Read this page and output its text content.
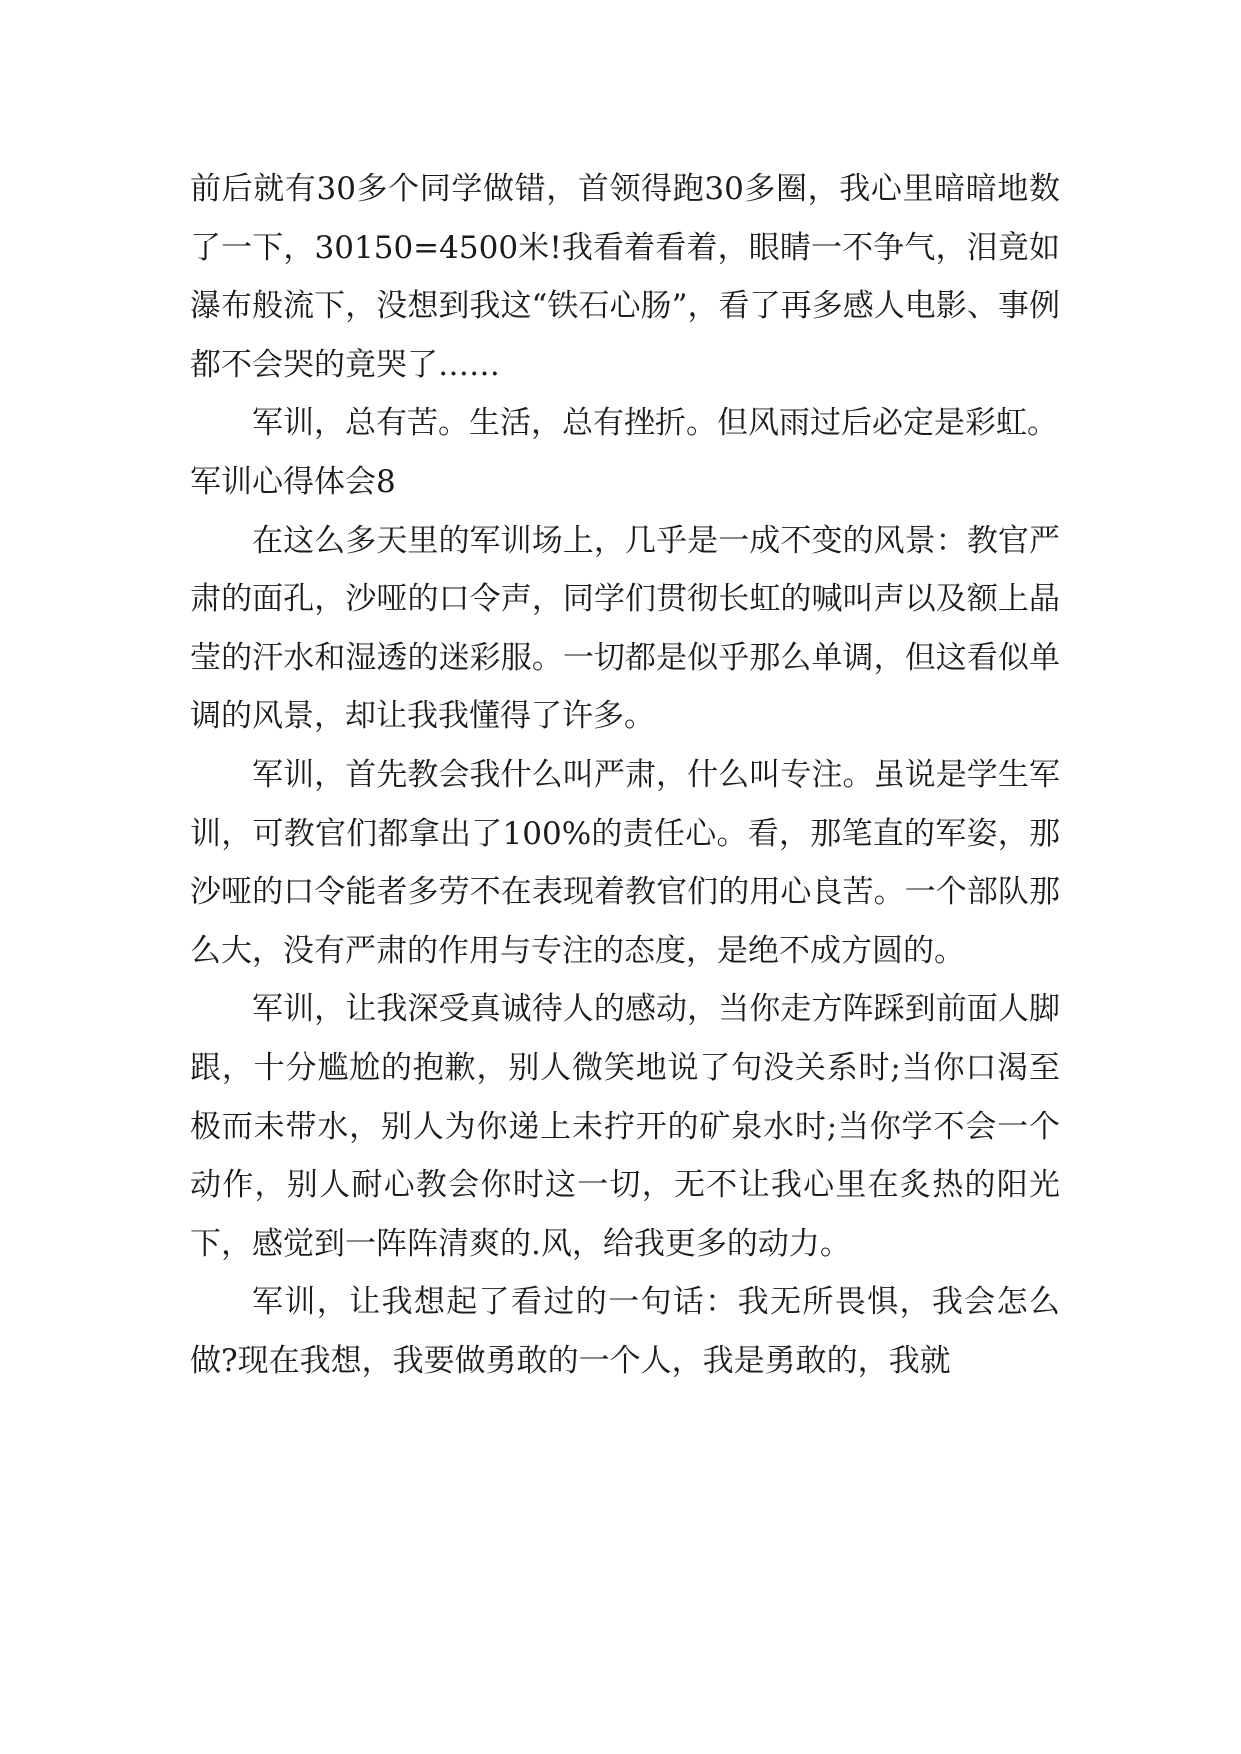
前后就有30多个同学做错，首领得跑30多圈，我心里暗暗地数了一下，30150=4500米!我看着看着，眼睛一不争气，泪竟如瀑布般流下，没想到我这“铁石心肠”，看了再多感人电影、事例都不会哭的竟哭了……

军训，总有苦。生活，总有挫折。但风雨过后必定是彩虹。

军训心得体会8

在这么多天里的军训场上，几乎是一成不变的风景：教官严肃的面孔，沙哑的口令声，同学们贯彻长虹的喊叫声以及额上晶莹的汗水和湿透的迷彩服。一切都是似乎那么单调，但这看似单调的风景，却让我我懂得了许多。

军训，首先教会我什么叫严肃，什么叫专注。虽说是学生军训，可教官们都拿出了100%的责任心。看，那笔直的军姿，那沙哑的口令能者多劳不在表现着教官们的用心良苦。一个部队那么大，没有严肃的作用与专注的态度，是绝不成方圆的。

军训，让我深受真诚待人的感动，当你走方阵踩到前面人脚跟，十分尴尬的抱歉，别人微笑地说了句没关系时;当你口渴至极而未带水，别人为你递上未拧开的矿泉水时;当你学不会一个动作，别人耐心教会你时这一切，无不让我心里在炙热的阳光下，感觉到一阵阵清爽的.风，给我更多的动力。

军训，让我想起了看过的一句话：我无所畏惧，我会怎么做?现在我想，我要做勇敢的一个人，我是勇敢的，我就
